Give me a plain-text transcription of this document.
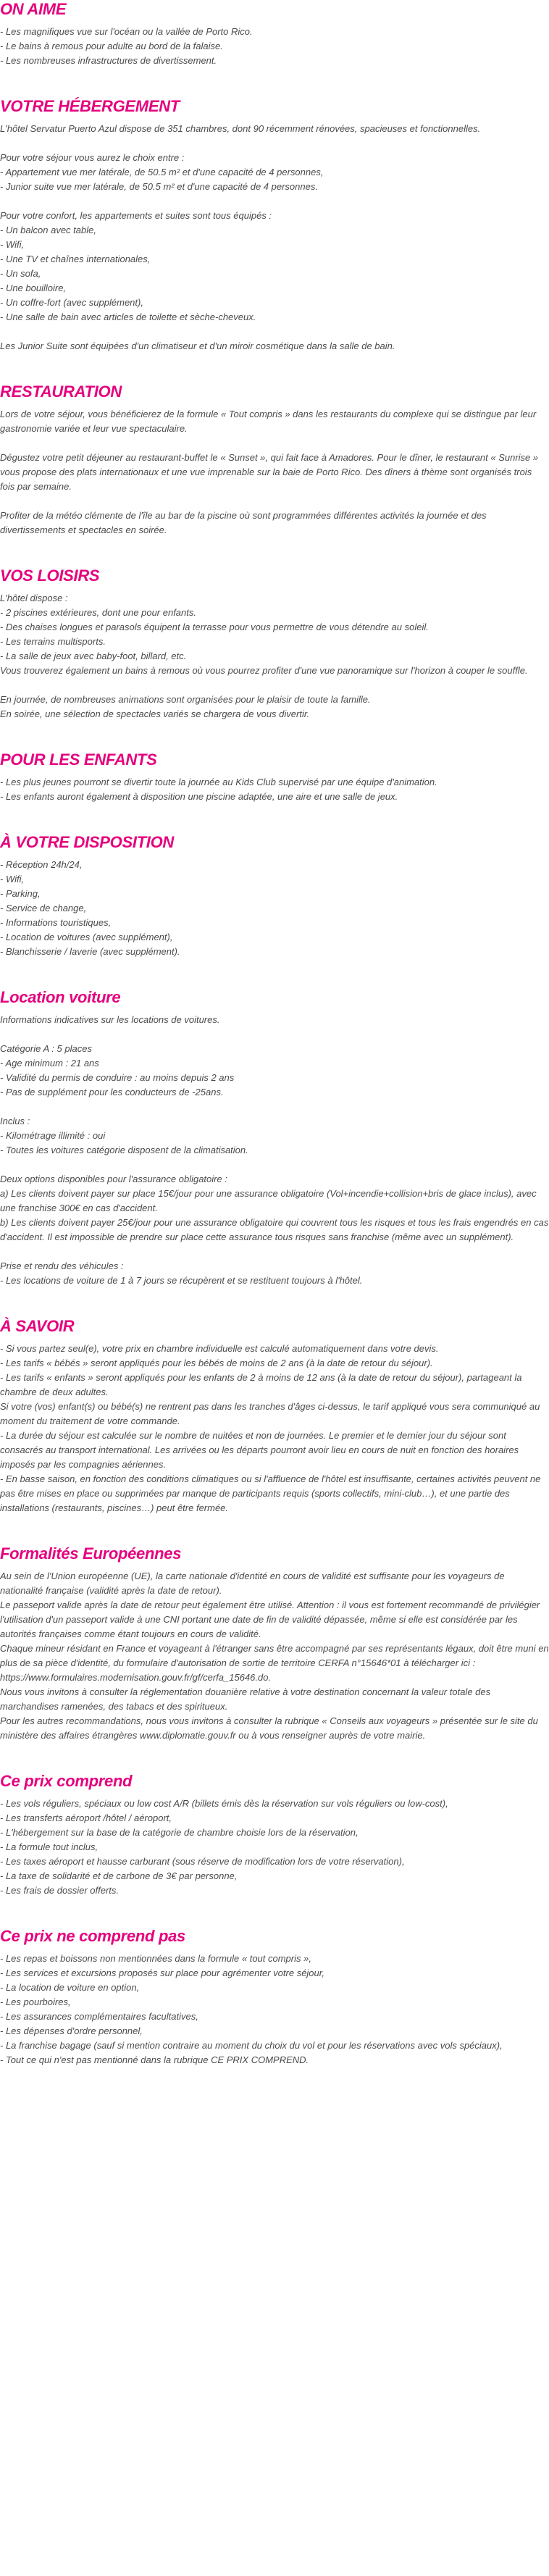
ON AIME
- Les magnifiques vue sur l'océan ou la vallée de Porto Rico.
- Le bains à remous pour adulte au bord de la falaise.
- Les nombreuses infrastructures de divertissement.
VOTRE HÉBERGEMENT
L'hôtel Servatur Puerto Azul dispose de 351 chambres, dont 90 récemment rénovées, spacieuses et fonctionnelles.
Pour votre séjour vous aurez le choix entre :
- Appartement vue mer latérale, de 50.5 m² et d'une capacité de 4 personnes,
- Junior suite vue mer latérale, de 50.5 m² et d'une capacité de 4 personnes.
Pour votre confort, les appartements et suites sont tous équipés :
- Un balcon avec table,
- Wifi,
- Une TV et chaînes internationales,
- Un sofa,
- Une bouilloire,
- Un coffre-fort (avec supplément),
- Une salle de bain avec articles de toilette et sèche-cheveux.
Les Junior Suite sont équipées d'un climatiseur et d'un miroir cosmétique dans la salle de bain.
RESTAURATION
Lors de votre séjour, vous bénéficierez de la formule « Tout compris » dans les restaurants du complexe qui se distingue par leur gastronomie variée et leur vue spectaculaire.
Dégustez votre petit déjeuner au restaurant-buffet le « Sunset », qui fait face à Amadores. Pour le dîner, le restaurant « Sunrise » vous propose des plats internationaux et une vue imprenable sur la baie de Porto Rico. Des dîners à thème sont organisés trois fois par semaine.
Profiter de la météo clémente de l'île au bar de la piscine où sont programmées différentes activités la journée et des divertissements et spectacles en soirée.
VOS LOISIRS
L'hôtel dispose :
- 2 piscines extérieures, dont une pour enfants.
- Des chaises longues et parasols équipent la terrasse pour vous permettre de vous détendre au soleil.
- Les terrains multisports.
- La salle de jeux avec baby-foot, billard, etc.
Vous trouverez également un bains à remous où vous pourrez profiter d'une vue panoramique sur l'horizon à couper le souffle.
En journée, de nombreuses animations sont organisées pour le plaisir de toute la famille.
En soirée, une sélection de spectacles variés se chargera de vous divertir.
POUR LES ENFANTS
- Les plus jeunes pourront se divertir toute la journée au Kids Club supervisé par une équipe d'animation.
- Les enfants auront également à disposition une piscine adaptée, une aire et une salle de jeux.
À VOTRE DISPOSITION
- Réception 24h/24,
- Wifi,
- Parking,
- Service de change,
- Informations touristiques,
- Location de voitures (avec supplément),
- Blanchisserie / laverie (avec supplément).
Location voiture
Informations indicatives sur les locations de voitures.
Catégorie A : 5 places
- Age minimum : 21 ans
- Validité du permis de conduire : au moins depuis 2 ans
- Pas de supplément pour les conducteurs de -25ans.
Inclus :
- Kilométrage illimité : oui
- Toutes les voitures catégorie disposent de la climatisation.
Deux options disponibles pour l'assurance obligatoire :
a) Les clients doivent payer sur place 15€/jour pour une assurance obligatoire (Vol+incendie+collision+bris de glace inclus), avec une franchise 300€ en cas d'accident.
b) Les clients doivent payer 25€/jour pour une assurance obligatoire qui couvrent tous les risques et tous les frais engendrés en cas d'accident. Il est impossible de prendre sur place cette assurance tous risques sans franchise (même avec un supplément).
Prise et rendu des véhicules :
- Les locations de voiture de 1 à 7 jours se récupèrent et se restituent toujours à l'hôtel.
À SAVOIR
- Si vous partez seul(e), votre prix en chambre individuelle est calculé automatiquement dans votre devis.
- Les tarifs « bébés » seront appliqués pour les bébés de moins de 2 ans (à la date de retour du séjour).
- Les tarifs « enfants » seront appliqués pour les enfants de 2 à moins de 12 ans (à la date de retour du séjour), partageant la chambre de deux adultes.
Si votre (vos) enfant(s) ou bébé(s) ne rentrent pas dans les tranches d'âges ci-dessus, le tarif appliqué vous sera communiqué au moment du traitement de votre commande.
- La durée du séjour est calculée sur le nombre de nuitées et non de journées. Le premier et le dernier jour du séjour sont consacrés au transport international. Les arrivées ou les départs pourront avoir lieu en cours de nuit en fonction des horaires imposés par les compagnies aériennes.
- En basse saison, en fonction des conditions climatiques ou si l'affluence de l'hôtel est insuffisante, certaines activités peuvent ne pas être mises en place ou supprimées par manque de participants requis (sports collectifs, mini-club…), et une partie des installations (restaurants, piscines…) peut être fermée.
Formalités Européennes
Au sein de l'Union européenne (UE), la carte nationale d'identité en cours de validité est suffisante pour les voyageurs de nationalité française (validité après la date de retour).
Le passeport valide après la date de retour peut également être utilisé. Attention : il vous est fortement recommandé de privilégier l'utilisation d'un passeport valide à une CNI portant une date de fin de validité dépassée, même si elle est considérée par les autorités françaises comme étant toujours en cours de validité.
Chaque mineur résidant en France et voyageant à l'étranger sans être accompagné par ses représentants légaux, doit être muni en plus de sa pièce d'identité, du formulaire d'autorisation de sortie de territoire CERFA n°15646*01 à télécharger ici : https://www.formulaires.modernisation.gouv.fr/gf/cerfa_15646.do.
Nous vous invitons à consulter la réglementation douanière relative à votre destination concernant la valeur totale des marchandises ramenées, des tabacs et des spiritueux.
Pour les autres recommandations, nous vous invitons à consulter la rubrique « Conseils aux voyageurs » présentée sur le site du ministère des affaires étrangères www.diplomatie.gouv.fr ou à vous renseigner auprès de votre mairie.
Ce prix comprend
- Les vols réguliers, spéciaux ou low cost A/R (billets émis dès la réservation sur vols réguliers ou low-cost),
- Les transferts aéroport /hôtel / aéroport,
- L'hébergement sur la base de la catégorie de chambre choisie lors de la réservation,
- La formule tout inclus,
- Les taxes aéroport et hausse carburant (sous réserve de modification lors de votre réservation),
- La taxe de solidarité et de carbone de 3€ par personne,
- Les frais de dossier offerts.
Ce prix ne comprend pas
- Les repas et boissons non mentionnées dans la formule « tout compris »,
- Les services et excursions proposés sur place pour agrémenter votre séjour,
- La location de voiture en option,
- Les pourboires,
- Les assurances complémentaires facultatives,
- Les dépenses d'ordre personnel,
- La franchise bagage (sauf si mention contraire au moment du choix du vol et pour les réservations avec vols spéciaux),
- Tout ce qui n'est pas mentionné dans la rubrique CE PRIX COMPREND.
